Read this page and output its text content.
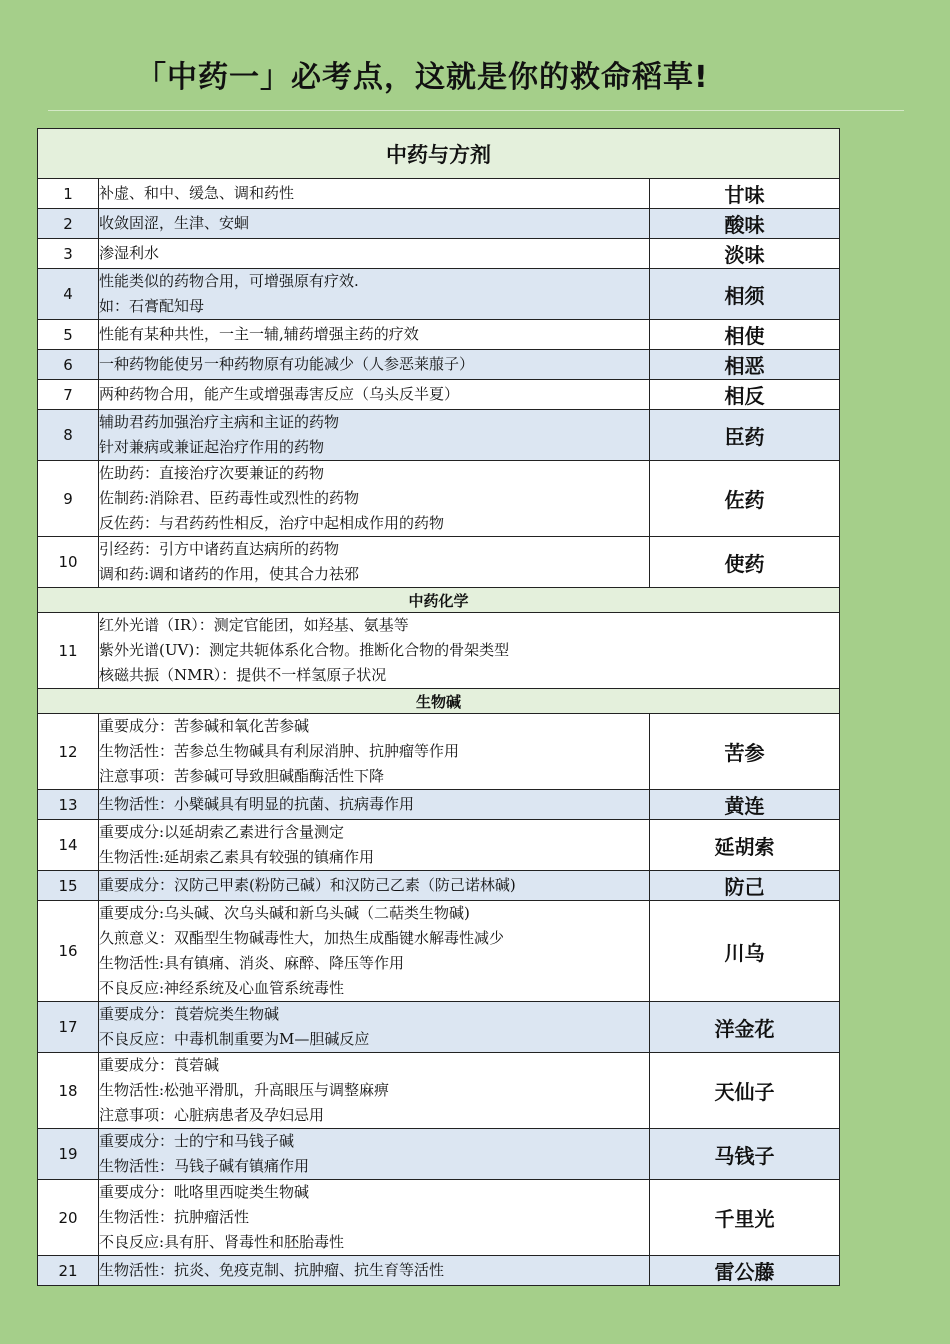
「中药一」必考点，这就是你的救命稻草!
中药与方剂		
1	补虚、和中、缓急、调和药性	甘味
2	收敛固涩，生津、安蛔	酸味
3	渗湿利水	淡味
4	性能类似的药物合用，可增强原有疗效.
如：石膏配知母	相须
5	性能有某种共性，一主一辅,辅药增强主药的疗效	相使
6	一种药物能使另一种药物原有功能减少（人参恶莱菔子）	相恶
7	两种药物合用，能产生或增强毒害反应（乌头反半夏）	相反
8	辅助君药加强治疗主病和主证的药物
针对兼病或兼证起治疗作用的药物	臣药
9	佐助药：直接治疗次要兼证的药物
佐制药:消除君、臣药毒性或烈性的药物
反佐药：与君药药性相反，治疗中起相成作用的药物	佐药
10	引经药：引方中诸药直达病所的药物
调和药:调和诸药的作用，使其合力祛邪	使药
中药化学		
11	红外光谱（IR）：测定官能团，如羟基、氨基等
紫外光谱(UV)：测定共轭体系化合物。推断化合物的骨架类型
核磁共振（NMR）：提供不一样氢原子状况	

生物碱		
12	重要成分：苦参碱和氧化苦参碱
生物活性：苦参总生物碱具有利尿消肿、抗肿瘤等作用
注意事项：苦参碱可导致胆碱酯酶活性下降	苦参
13	生物活性：小檗碱具有明显的抗菌、抗病毒作用	黄连
14	重要成分:以延胡索乙素进行含量测定
生物活性:延胡索乙素具有较强的镇痛作用	延胡索
15	重要成分：汉防己甲素(粉防己碱）和汉防己乙素（防己诺林碱)	防己
16	重要成分:乌头碱、次乌头碱和新乌头碱（二萜类生物碱)
久煎意义：双酯型生物碱毒性大，加热生成酯键水解毒性减少
生物活性:具有镇痛、消炎、麻醉、降压等作用
不良反应:神经系统及心血管系统毒性	川乌
17	重要成分：莨菪烷类生物碱
不良反应：中毒机制重要为M—胆碱反应	洋金花
18	重要成分：莨菪碱
生物活性:松弛平滑肌，升高眼压与调整麻痹
注意事项：心脏病患者及孕妇忌用	天仙子
19	重要成分：士的宁和马钱子碱
生物活性：马钱子碱有镇痛作用	马钱子
20	重要成分：吡咯里西啶类生物碱
生物活性：抗肿瘤活性
不良反应:具有肝、肾毒性和胚胎毒性	千里光
21	生物活性：抗炎、免疫克制、抗肿瘤、抗生育等活性	雷公藤
